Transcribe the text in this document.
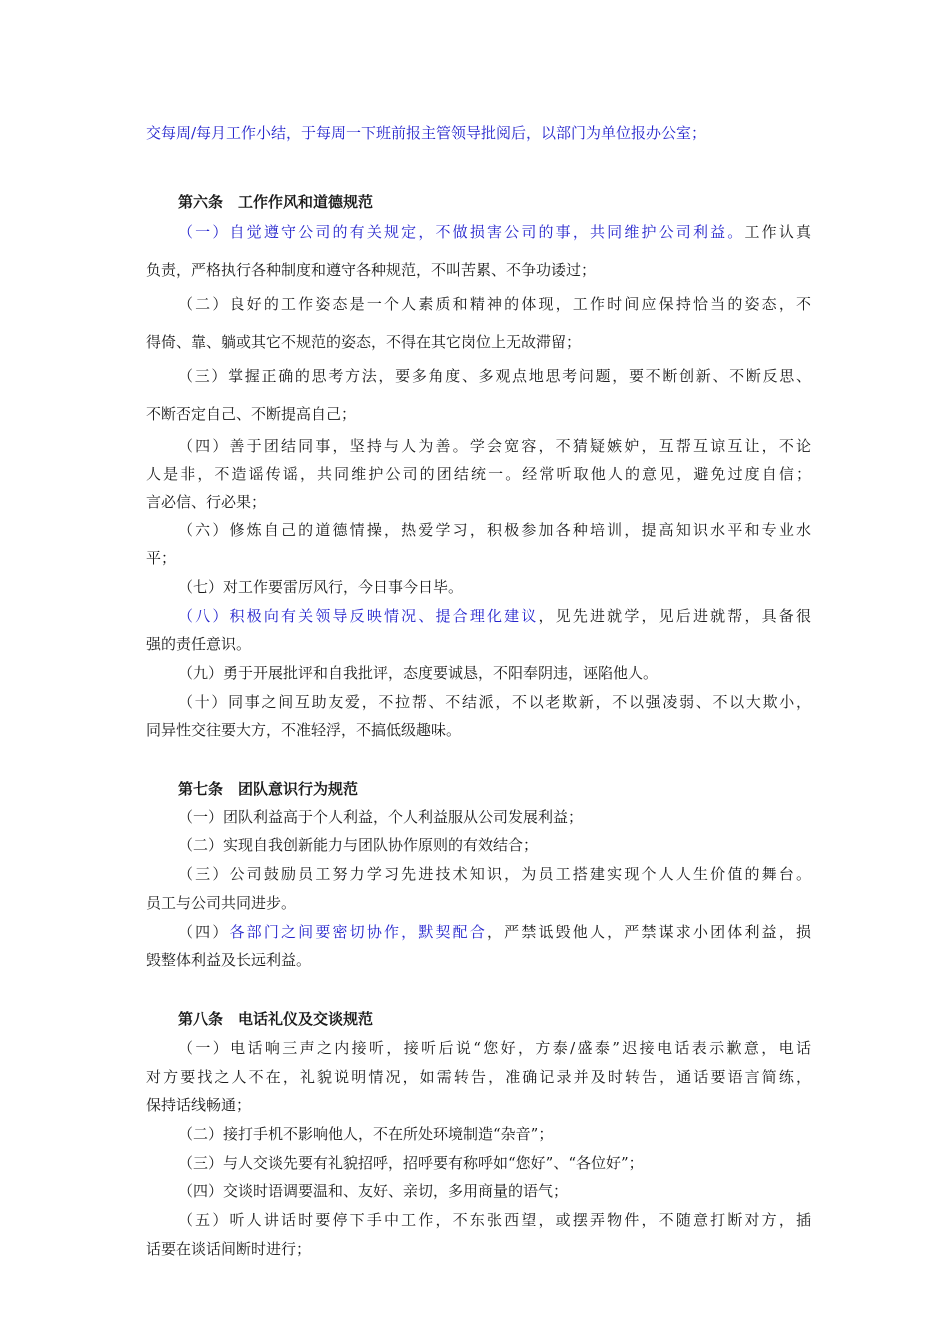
交每周/每月工作小结，于每周一下班前报主管领导批阅后，以部门为单位报办公室；
第六条　工作作风和道德规范
（一）自觉遵守公司的有关规定，不做损害公司的事，共同维护公司利益。工作认真
负责，严格执行各种制度和遵守各种规范，不叫苦累、不争功诿过；
（二）良好的工作姿态是一个人素质和精神的体现，工作时间应保持恰当的姿态，不
得倚、靠、躺或其它不规范的姿态，不得在其它岗位上无故滞留；
（三）掌握正确的思考方法，要多角度、多观点地思考问题，要不断创新、不断反思、
不断否定自己、不断提高自己；
（四）善于团结同事，坚持与人为善。学会宽容，不猜疑嫉妒，互帮互谅互让，不论
人是非，不造谣传谣，共同维护公司的团结统一。经常听取他人的意见，避免过度自信；
言必信、行必果；
（六）修炼自己的道德情操，热爱学习，积极参加各种培训，提高知识水平和专业水
平；
（七）对工作要雷厉风行，今日事今日毕。
（八）积极向有关领导反映情况、提合理化建议，见先进就学，见后进就帮，具备很
强的责任意识。
（九）勇于开展批评和自我批评，态度要诚恳，不阳奉阴违，诬陷他人。
（十）同事之间互助友爱，不拉帮、不结派，不以老欺新，不以强凌弱、不以大欺小，
同异性交往要大方，不准轻浮，不搞低级趣味。
第七条　团队意识行为规范
（一）团队利益高于个人利益，个人利益服从公司发展利益；
（二）实现自我创新能力与团队协作原则的有效结合；
（三）公司鼓励员工努力学习先进技术知识，为员工搭建实现个人人生价值的舞台。
员工与公司共同进步。
（四）各部门之间要密切协作，默契配合，严禁诋毁他人，严禁谋求小团体利益，损
毁整体利益及长远利益。
第八条　电话礼仪及交谈规范
（一）电话响三声之内接听，接听后说“您好，方泰/盛泰”迟接电话表示歉意，电话
对方要找之人不在，礼貌说明情况，如需转告，准确记录并及时转告，通话要语言简练，
保持话线畅通；
（二）接打手机不影响他人，不在所处环境制造“杂音”；
（三）与人交谈先要有礼貌招呼，招呼要有称呼如“您好”、“各位好”；
（四）交谈时语调要温和、友好、亲切，多用商量的语气；
（五）听人讲话时要停下手中工作，不东张西望，或摆弄物件，不随意打断对方，插
话要在谈话间断时进行；
